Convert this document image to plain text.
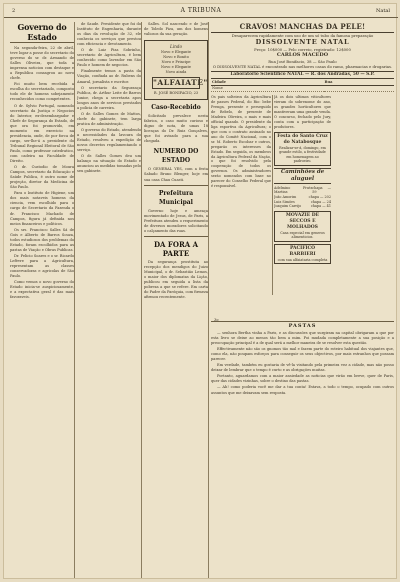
2	A TRIBUNA	Natal
Governo do Estado
Na segunda-feira, 22 de abril, teve logar a posse do secretario do governo do sr. dr. Armando de Salles Oliveira, que toda a imprensa noticiou com destaque e a Republica consagrou ao novo chefe.
Foi muito bem recebida a escolha do secretariado, composto todo ele de homens sobejamente reconhecidos como competentes.
O dr. Sylvio Portugal, nomeado secretario da Justiça e Negocios do Interior, ex-desembargador e Chefe de Segurança do Estado, de que ora foi promovido, em momento em exercicio na presidencia, onde, de por forca de cargo, ser-lhe-á a presidente do Tribunal Regional Eleitoral de São Paulo, como professor catedratico, com cadeira na Faculdade de Direito.
O dr. Custodio de Moura Campos, secretario da Educação e Saúde Publica, é outro nome de projeção, diretor da Medicina de São Paulo.
Para o Instituto de Higiene, um dos mais notaveis homens da ciencia, vem escolhido para o cargo de Secretario da Fazenda o dr. Francisco Machado de Campos, figura já definida nos meios financeiros e politicos.
Os srs. Francisco Salles Sá de Gois e Alberto de Barros Souza, todos estudiosos dos problemas do Estado, foram escolhidos para as pastas de Viação e Obras Publicas.
Dr. Felicio Soares e o sr. Ricardo Lefèvre para a Agricultura, representam as classes conservadoras e agricolas de São Paulo.
Como vemos o novo governo do Estado inicia-se auspiciosamente, e a expectativa geral é das mais favoraveis.
de Saude. Presidente que foi do Instituto de Engenharia, durante os dias da revolução de 32, ele conhecia os serviços que prestou com eficiencia e devotamento.
O dr. Luiz Piza Sobrinho, secretario de Agricultura, é bem conhecido como lavrador em São Paulo e homem de negocios.
Finalmente temos a pasta da Viação, confiada ao dr. Rubens do Amaral, jornalista e escritor.
O secretario da Segurança Publica, dr. Arthur Leite de Barros Junior, chega a secretaria apos longos anos de servicos prestados a policia de carreira.
O dr. Salles Gomes de Mattos, chefe do gabinete, tem larga pratica de administração.
O governo do Estado, atendendo a necessidades da lavoura do Estado, resolveu a expedição de novos decretos regulamentando o serviço.
O dr. Salles Gomes deu um balanço na situação do Estado e anunciou as medidas tomadas pelo seu gabinete.
Salles. Sol nascendo e de José de Toledo Piza, um dos homens valiosos da sua geração.
Lindo
Novo e Elegante
Novo e Bonito
Novo e Principe
Novo e Elegante
Novo ainda
"ALFAIATE"
R. JOSÉ BONIFACIO, 23
Caso-Recebido
Solicitado prevalece nesta fabrica, o caso muito curioso e digno de nota, de umas 18 licenças do Dr. Ruiz Gonçalves, que foi avisado para a sua chegada.
NUMERO DO ESTADO
O GENERAL YES, com a festa Sabado Bruno Blenger, hoje em sua casa Chau Cuasti.
Prefeitura Municipal
Governo hoje e ameaça movimentado de Jesus, de Paris, a Prefeitura atendeu o requerimento de diversos moradores solicitando o calçamento das ruas.
DA FORA A PARTE
Da segurança prostituta ao recepção dos mendigos do Juizo Municipal, o dr. Sebastião Lemos, o maior dos diplomatas da Lição, publicou em seguida a lista da pobreza a que se refere. Em carta do Padre da Paróquia, com firmeza afirmou recentemente.
CRAVOS! MANCHAS DA PELE!
Desaparecem rapidamente com uso de um só tubo da famosa preparação
DISSOLVENTE NATAL
Preço: 10$000 — Pelo correio, registrado: 12$000
CARLOS MACEDO
Rua José Bonifacio, 38 — São Paulo
O DISSOLVENTE NATAL é encontrado nas melhores casas do ramo, pharmacias e drogarias.
Laboratorio Scientifico NATAL — R. dos Andradas, 50 — S.P.
Cidade	Rua
Nome	
Os pais solteiros da Agricultura de passes Federal, do Rio: bebe Prenga, presente e perseguido de Rebelo, de presente de Madeira Oliveira, o mais e mais official quando. O presidente da liga esportiva da Agricultura; o que com o contrato assinado no ano do Comité Nacional, com o sr. M. Roberto Escobar e outros, pregarão os interesses da Estado. Em seguida, os membros da Agricultura Federal da Nação, o que foi resolvido pela cooperação de todos os governos. Os administradores serão nomeados com base no parecer do Conselho Federal que é responsável.
Já os dois ultimos viticultores vieram do sobrenome do ano, os grandes horticultores que mantiveram uma grande venda. O concurso, fechado pelo Jury, conta com a participação de produtores.
Festa do Santo Cruz do Natabosque
Realizar-se-á, domingo, em grande estilo, a festividade em homenagem ao padroeiro.
Caminhões de aluguel
Adelmino Frutz Martins
chapa — 59
João Amorim	chapa — 202
Luiz Simões	chapa — 24
Joaquim Carrijo	chapa — 41
MOVAZIE DE SECCOS E MOLHADOS
Casa especial em generos alimenticios.
PACIFICO BARBIERI
com sua alfaiataria completa
3c
PASTAS
— senhora Bertha vinha a Paris, e as discussões que surgiram na capital obrigaram a que por esta livro se deixe ao menos tão bem a mim. Foi mudada completamente a sua posição e a preocupação principal é a de qual será a melhor maneira de se resolver esta questão.
Effectivamente não são os gnomos tão mal e fazem parte do roteiro habitual dos viajantes que, como ela, não poupam esforços para conseguir os seus objectivos, por mais estranhos que possam parecer.
Em verdade, também eu gostaria de vê-la visitando pela primeira vez a cidade, mas não posso deixar de lembrar que o tempo é curto e as obrigações muitas.
Portanto, aguardamos com a maior ansiedade as noticias que virão em breve, quer de Paris, quer das cidades vizinhas, sobre o destino das pastas.
— Ah! como poderia você me dar a tua conta! Estava, a todo o tempo, ocupado com outros assuntos que me deixavam sem resposta.
